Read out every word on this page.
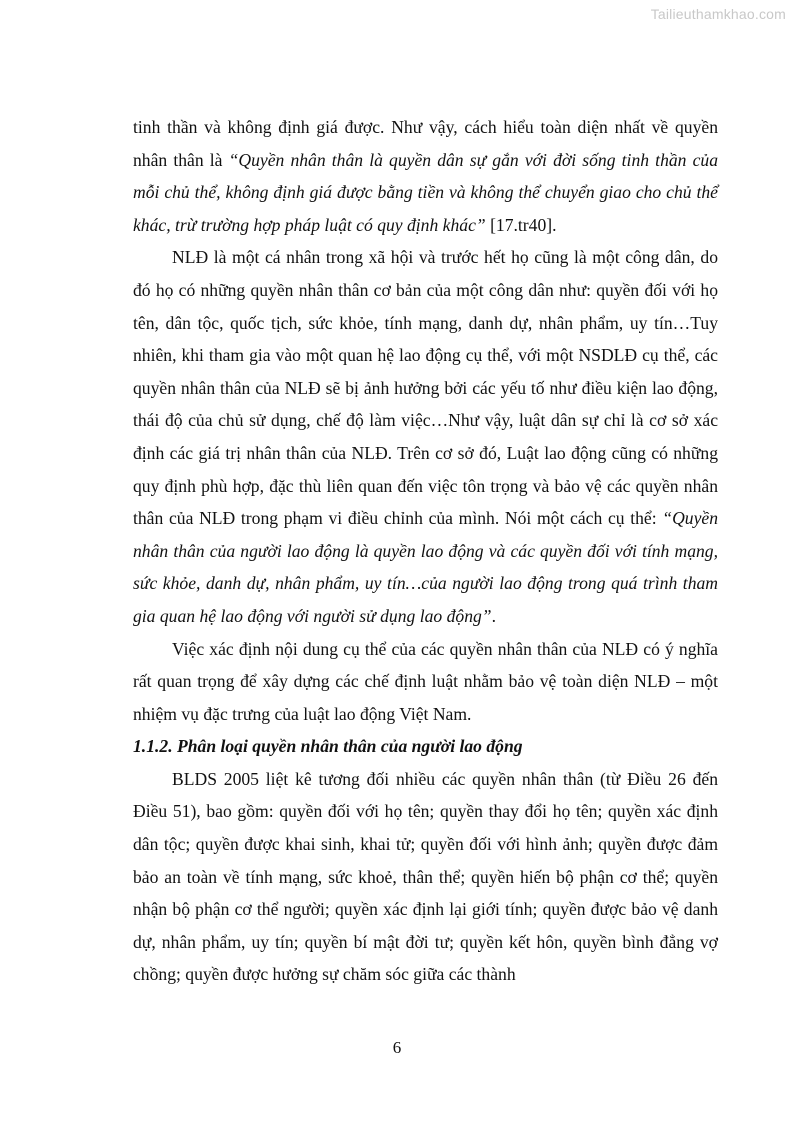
Tailieuthamkhao.com

tinh thần và không định giá được. Như vậy, cách hiểu toàn diện nhất về quyền nhân thân là “Quyền nhân thân là quyền dân sự gắn với đời sống tinh thần của mỗi chủ thể, không định giá được bằng tiền và không thể chuyển giao cho chủ thể khác, trừ trường hợp pháp luật có quy định khác” [17.tr40].

NLĐ là một cá nhân trong xã hội và trước hết họ cũng là một công dân, do đó họ có những quyền nhân thân cơ bản của một công dân như: quyền đối với họ tên, dân tộc, quốc tịch, sức khỏe, tính mạng, danh dự, nhân phẩm, uy tín…Tuy nhiên, khi tham gia vào một quan hệ lao động cụ thể, với một NSDLĐ cụ thể, các quyền nhân thân của NLĐ sẽ bị ảnh hưởng bởi các yếu tố như điều kiện lao động, thái độ của chủ sử dụng, chế độ làm việc…Như vậy, luật dân sự chỉ là cơ sở xác định các giá trị nhân thân của NLĐ. Trên cơ sở đó, Luật lao động cũng có những quy định phù hợp, đặc thù liên quan đến việc tôn trọng và bảo vệ các quyền nhân thân của NLĐ trong phạm vi điều chỉnh của mình. Nói một cách cụ thể: “Quyền nhân thân của người lao động là quyền lao động và các quyền đối với tính mạng, sức khỏe, danh dự, nhân phẩm, uy tín…của người lao động trong quá trình tham gia quan hệ lao động với người sử dụng lao động”.

Việc xác định nội dung cụ thể của các quyền nhân thân của NLĐ có ý nghĩa rất quan trọng để xây dựng các chế định luật nhằm bảo vệ toàn diện NLĐ – một nhiệm vụ đặc trưng của luật lao động Việt Nam.

1.1.2. Phân loại quyền nhân thân của người lao động

BLDS 2005 liệt kê tương đối nhiều các quyền nhân thân (từ Điều 26 đến Điều 51), bao gồm: quyền đối với họ tên; quyền thay đổi họ tên; quyền xác định dân tộc; quyền được khai sinh, khai tử; quyền đối với hình ảnh; quyền được đảm bảo an toàn về tính mạng, sức khoẻ, thân thể; quyền hiến bộ phận cơ thể; quyền nhận bộ phận cơ thể người; quyền xác định lại giới tính; quyền được bảo vệ danh dự, nhân phẩm, uy tín; quyền bí mật đời tư; quyền kết hôn, quyền bình đẳng vợ chồng; quyền được hưởng sự chăm sóc giữa các thành

6
